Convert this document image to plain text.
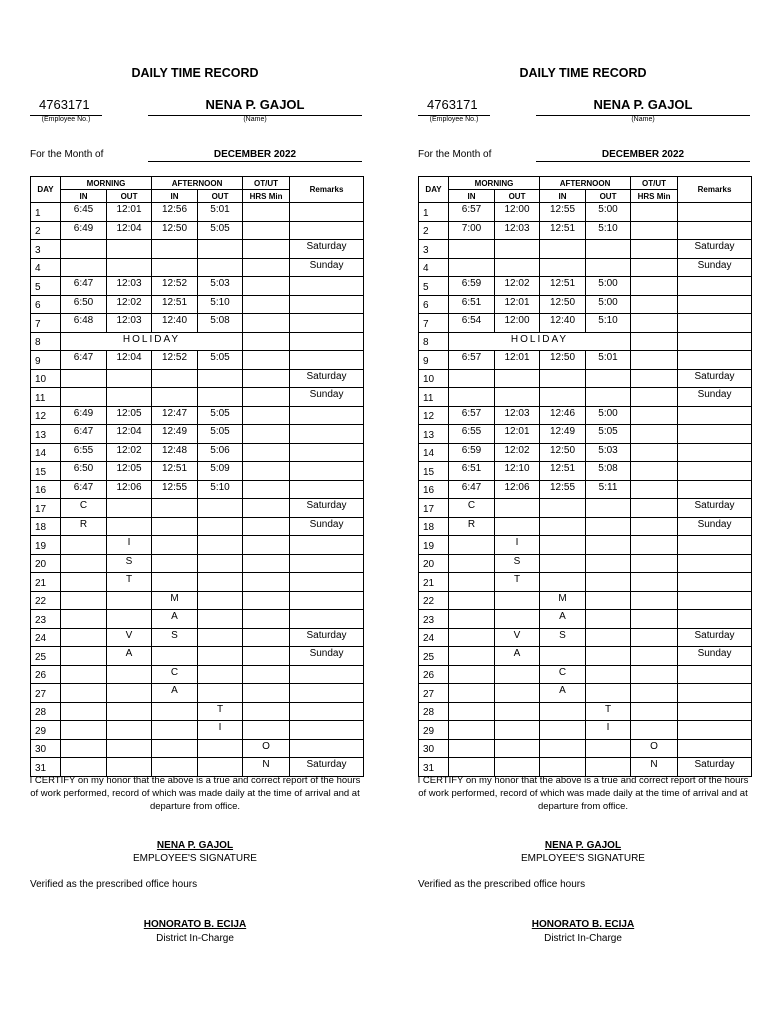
DAILY TIME RECORD
4763171
(Employee No.)
NENA P. GAJOL
(Name)
For the Month of	DECEMBER 2022
DAY	MORNING		AFTERNOON		OT/UT	Remarks
	IN	OUT	IN	OUT	HRS Min	
1	6:45	12:01	12:56	5:01		
2	6:49	12:04	12:50	5:05		
3						Saturday
4						Sunday
5	6:47	12:03	12:52	5:03		
6	6:50	12:02	12:51	5:10		
7	6:48	12:03	12:40	5:08		
8	HOLIDAY					
9	6:47	12:04	12:52	5:05		
10						Saturday
11						Sunday
12	6:49	12:05	12:47	5:05		
13	6:47	12:04	12:49	5:05		
14	6:55	12:02	12:48	5:06		
15	6:50	12:05	12:51	5:09		
16	6:47	12:06	12:55	5:10		
17	C					Saturday
18	R					Sunday
19		I				
20		S				
21		T				
22			M			
23			A			
24		V	S			Saturday
25		A				Sunday
26			C			
27			A			
28				T		
29				I		
30					O	
31					N	Saturday
I CERTIFY on my honor that the above is a true and correct report of the hours of work performed, record of which was made daily at the time of arrival and at departure from office.
NENA P. GAJOL
EMPLOYEE'S SIGNATURE
Verified as the prescribed office hours
HONORATO B. ECIJA
District In-Charge
DAILY TIME RECORD
4763171
(Employee No.)
NENA P. GAJOL
(Name)
For the Month of	DECEMBER 2022
DAY	MORNING		AFTERNOON		OT/UT	Remarks
	IN	OUT	IN	OUT	HRS Min	
1	6:57	12:00	12:55	5:00		
2	7:00	12:03	12:51	5:10		
3						Saturday
4						Sunday
5	6:59	12:02	12:51	5:00		
6	6:51	12:01	12:50	5:00		
7	6:54	12:00	12:40	5:10		
8	HOLIDAY					
9	6:57	12:01	12:50	5:01		
10						Saturday
11						Sunday
12	6:57	12:03	12:46	5:00		
13	6:55	12:01	12:49	5:05		
14	6:59	12:02	12:50	5:03		
15	6:51	12:10	12:51	5:08		
16	6:47	12:06	12:55	5:11		
17	C					Saturday
18	R					Sunday
19		I				
20		S				
21		T				
22			M			
23			A			
24		V	S			Saturday
25		A				Sunday
26			C			
27			A			
28				T		
29				I		
30					O	
31					N	Saturday
I CERTIFY on my honor that the above is a true and correct report of the hours of work performed, record of which was made daily at the time of arrival and at departure from office.
NENA P. GAJOL
EMPLOYEE'S SIGNATURE
Verified as the prescribed office hours
HONORATO B. ECIJA
District In-Charge
